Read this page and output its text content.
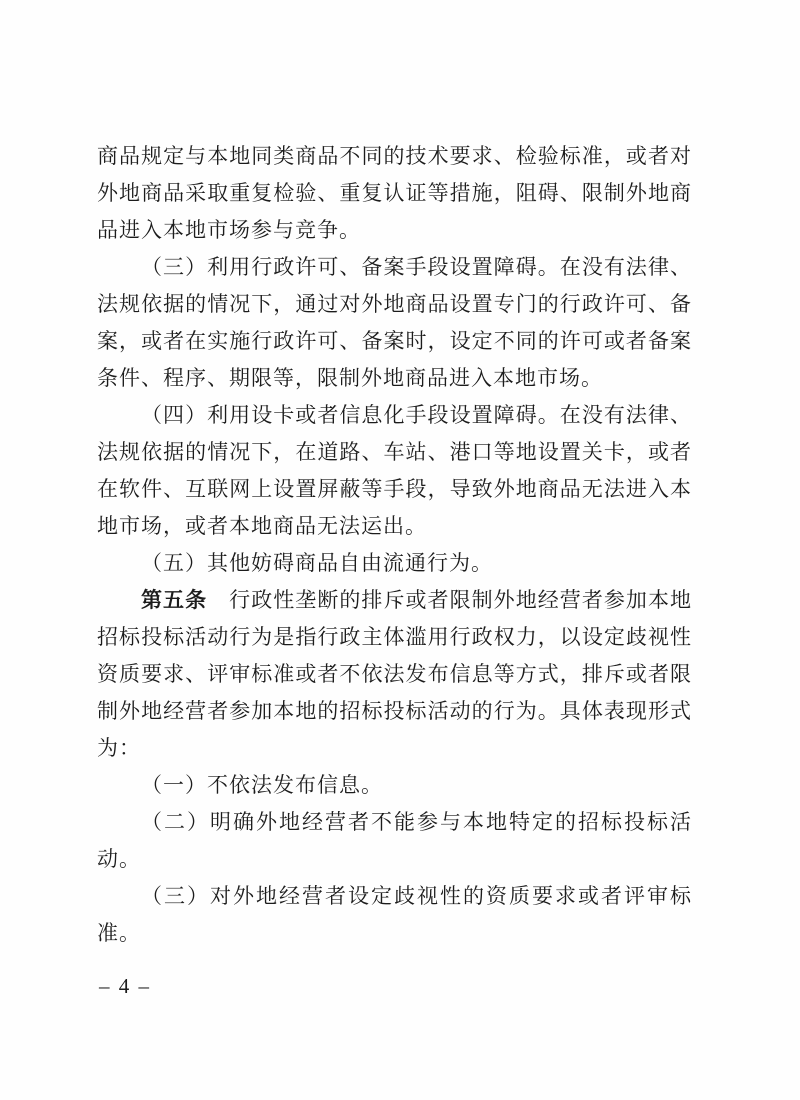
商品规定与本地同类商品不同的技术要求、检验标准，或者对
外地商品采取重复检验、重复认证等措施，阻碍、限制外地商
品进入本地市场参与竞争。
（三）利用行政许可、备案手段设置障碍。在没有法律、
法规依据的情况下，通过对外地商品设置专门的行政许可、备
案，或者在实施行政许可、备案时，设定不同的许可或者备案
条件、程序、期限等，限制外地商品进入本地市场。
（四）利用设卡或者信息化手段设置障碍。在没有法律、
法规依据的情况下，在道路、车站、港口等地设置关卡，或者
在软件、互联网上设置屏蔽等手段，导致外地商品无法进入本
地市场，或者本地商品无法运出。
（五）其他妨碍商品自由流通行为。
第五条　行政性垄断的排斥或者限制外地经营者参加本地
招标投标活动行为是指行政主体滥用行政权力，以设定歧视性
资质要求、评审标准或者不依法发布信息等方式，排斥或者限
制外地经营者参加本地的招标投标活动的行为。具体表现形式
为：
（一）不依法发布信息。
（二）明确外地经营者不能参与本地特定的招标投标活
动。
（三）对外地经营者设定歧视性的资质要求或者评审标
准。
– 4 –
